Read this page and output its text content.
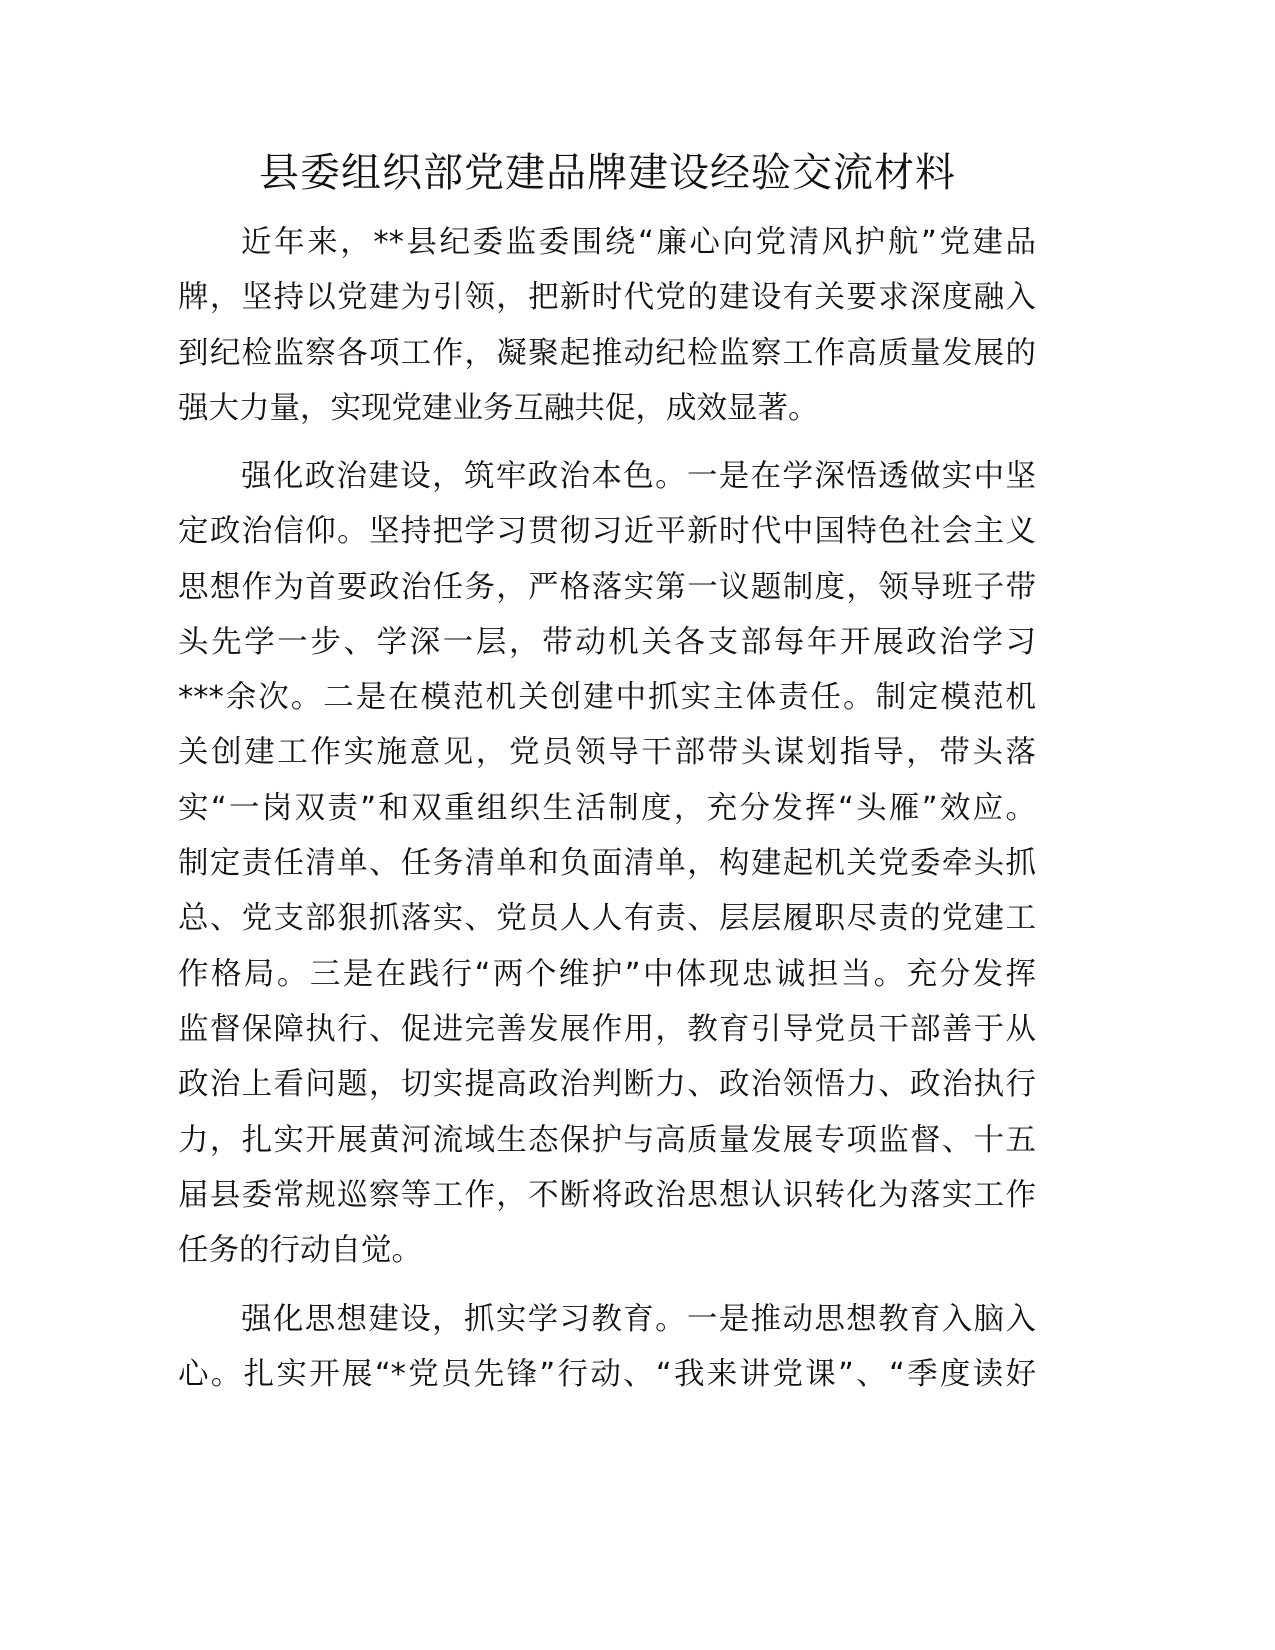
县委组织部党建品牌建设经验交流材料
近年来，**县纪委监委围绕“廉心向党清风护航”党建品
牌，坚持以党建为引领，把新时代党的建设有关要求深度融入
到纪检监察各项工作，凝聚起推动纪检监察工作高质量发展的
强大力量，实现党建业务互融共促，成效显著。
强化政治建设，筑牢政治本色。一是在学深悟透做实中坚
定政治信仰。坚持把学习贯彻习近平新时代中国特色社会主义
思想作为首要政治任务，严格落实第一议题制度，领导班子带
头先学一步、学深一层，带动机关各支部每年开展政治学习
***余次。二是在模范机关创建中抓实主体责任。制定模范机
关创建工作实施意见，党员领导干部带头谋划指导，带头落
实“一岗双责”和双重组织生活制度，充分发挥“头雁”效应。
制定责任清单、任务清单和负面清单，构建起机关党委牵头抓
总、党支部狠抓落实、党员人人有责、层层履职尽责的党建工
作格局。三是在践行“两个维护”中体现忠诚担当。充分发挥
监督保障执行、促进完善发展作用，教育引导党员干部善于从
政治上看问题，切实提高政治判断力、政治领悟力、政治执行
力，扎实开展黄河流域生态保护与高质量发展专项监督、十五
届县委常规巡察等工作，不断将政治思想认识转化为落实工作
任务的行动自觉。
强化思想建设，抓实学习教育。一是推动思想教育入脑入
心。扎实开展“*党员先锋”行动、“我来讲党课”、“季度读好
